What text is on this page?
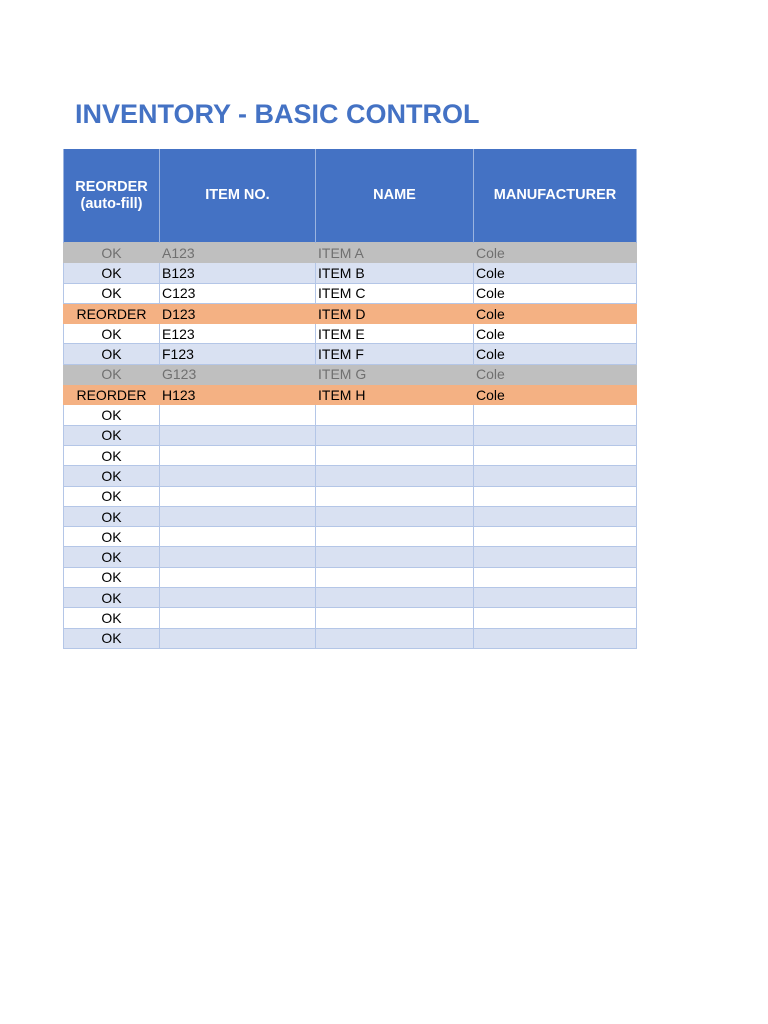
INVENTORY - BASIC CONTROL
REORDER
(auto-fill)	ITEM NO.	NAME	MANUFACTURER
OK	A123	ITEM A	Cole
OK	B123	ITEM B	Cole
OK	C123	ITEM C	Cole
REORDER	D123	ITEM D	Cole
OK	E123	ITEM E	Cole
OK	F123	ITEM F	Cole
OK	G123	ITEM G	Cole
REORDER	H123	ITEM H	Cole
OK			
OK			
OK			
OK			
OK			
OK			
OK			
OK			
OK			
OK			
OK			
OK			
